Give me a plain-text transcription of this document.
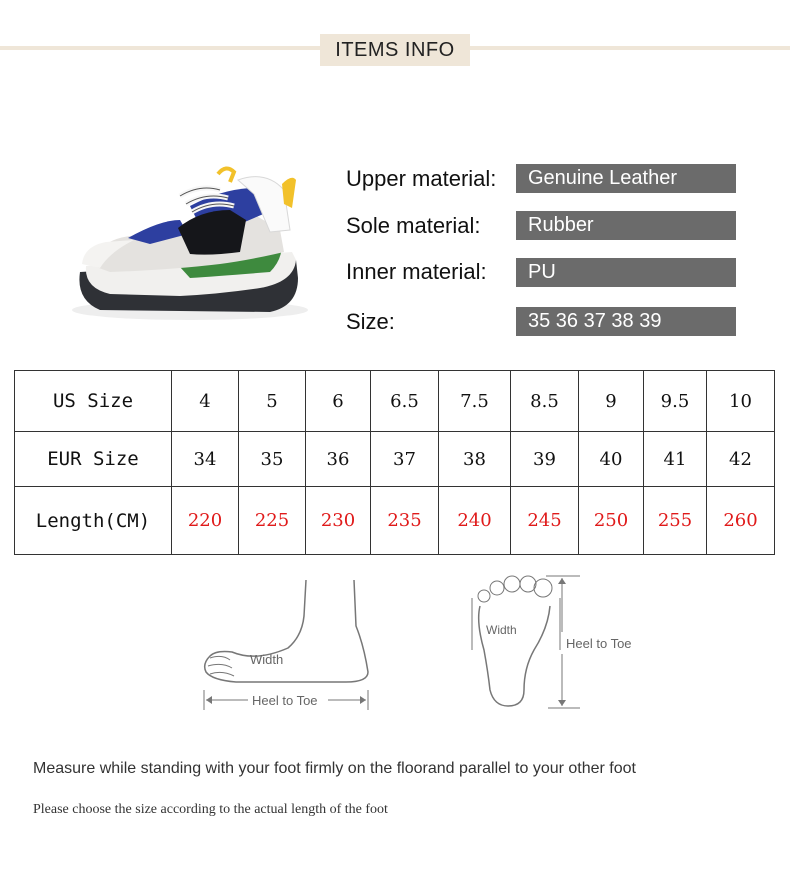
ITEMS INFO
Upper material:	Genuine Leather
Sole material:	Rubber
Inner material:	PU
Size:	35 36 37 38 39
US Size	4	5	6	6.5	7.5	8.5	9	9.5	10
EUR Size	34	35	36	37	38	39	40	41	42
Length(CM)	220	225	230	235	240	245	250	255	260
Width
Heel to Toe
Width
Heel to Toe
Measure while standing with your foot firmly on the floorand parallel to your other foot
Please choose the size according to the actual length of the foot
